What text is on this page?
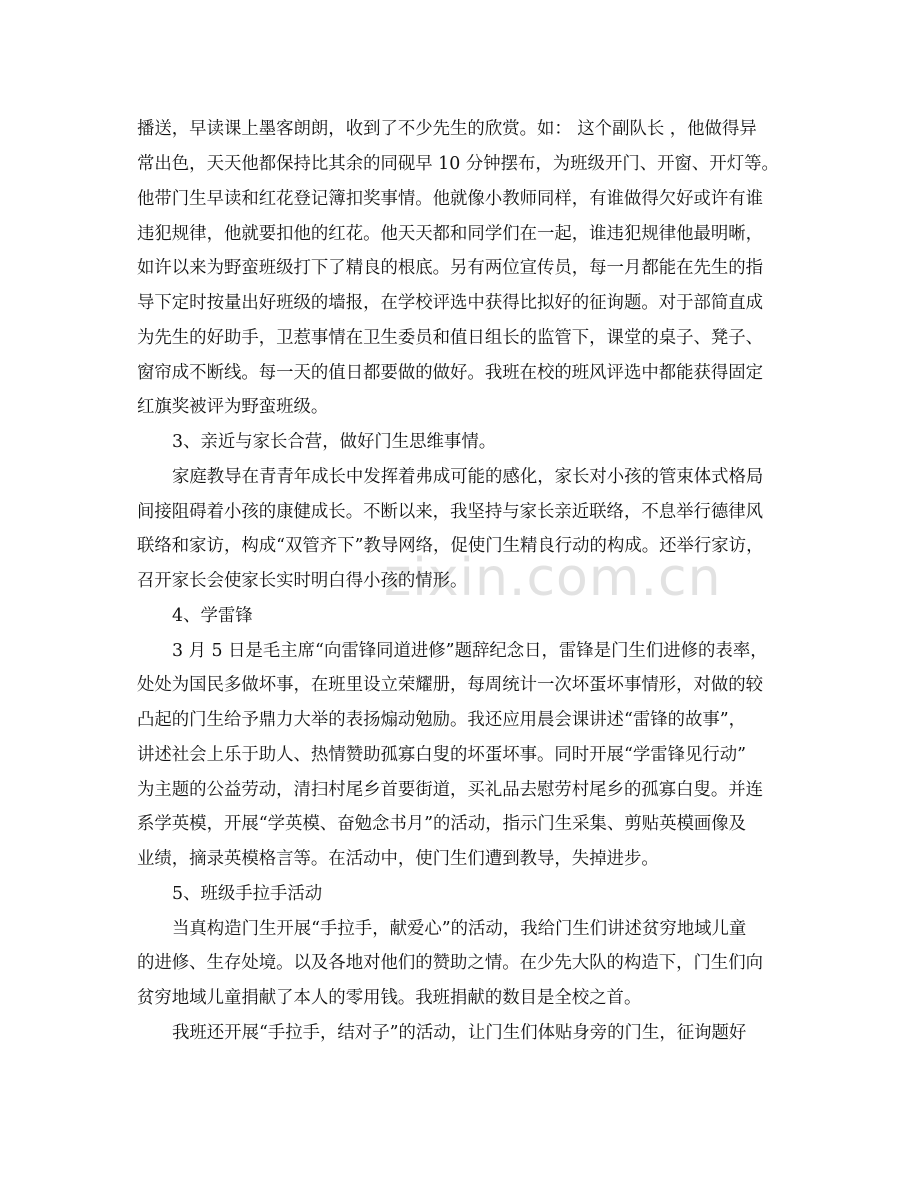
zixin.com.cn
播送，早读课上墨客朗朗，收到了不少先生的欣赏。如： 这个副队长 ，他做得异
常出色，天天他都保持比其余的同砚早 10 分钟摆布，为班级开门、开窗、开灯等。
他带门生早读和红花登记簿扣奖事情。他就像小教师同样，有谁做得欠好或许有谁
违犯规律，他就要扣他的红花。他天天都和同学们在一起，谁违犯规律他最明晰，
如许以来为野蛮班级打下了精良的根底。另有两位宣传员，每一月都能在先生的指
导下定时按量出好班级的墙报，在学校评选中获得比拟好的征询题。对于部简直成
为先生的好助手，卫惹事情在卫生委员和值日组长的监管下，课堂的桌子、凳子、
窗帘成不断线。每一天的值日都要做的做好。我班在校的班风评选中都能获得固定
红旗奖被评为野蛮班级。
3、亲近与家长合营，做好门生思维事情。
家庭教导在青青年成长中发挥着弗成可能的感化，家长对小孩的管束体式格局
间接阻碍着小孩的康健成长。不断以来，我坚持与家长亲近联络，不息举行德律风
联络和家访，构成“双管齐下”教导网络，促使门生精良行动的构成。还举行家访，
召开家长会使家长实时明白得小孩的情形。
4、学雷锋
3 月 5 日是毛主席“向雷锋同道进修”题辞纪念日，雷锋是门生们进修的表率，
处处为国民多做坏事，在班里设立荣耀册，每周统计一次坏蛋坏事情形，对做的较
凸起的门生给予鼎力大举的表扬煽动勉励。我还应用晨会课讲述“雷锋的故事”，
讲述社会上乐于助人、热情赞助孤寡白叟的坏蛋坏事。同时开展“学雷锋见行动”
为主题的公益劳动，清扫村尾乡首要街道，买礼品去慰劳村尾乡的孤寡白叟。并连
系学英模，开展“学英模、奋勉念书月”的活动，指示门生采集、剪贴英模画像及
业绩，摘录英模格言等。在活动中，使门生们遭到教导，失掉进步。
5、班级手拉手活动
当真构造门生开展“手拉手，献爱心”的活动，我给门生们讲述贫穷地域儿童
的进修、生存处境。以及各地对他们的赞助之情。在少先大队的构造下，门生们向
贫穷地域儿童捐献了本人的零用钱。我班捐献的数目是全校之首。
我班还开展“手拉手，结对子”的活动，让门生们体贴身旁的门生，征询题好
